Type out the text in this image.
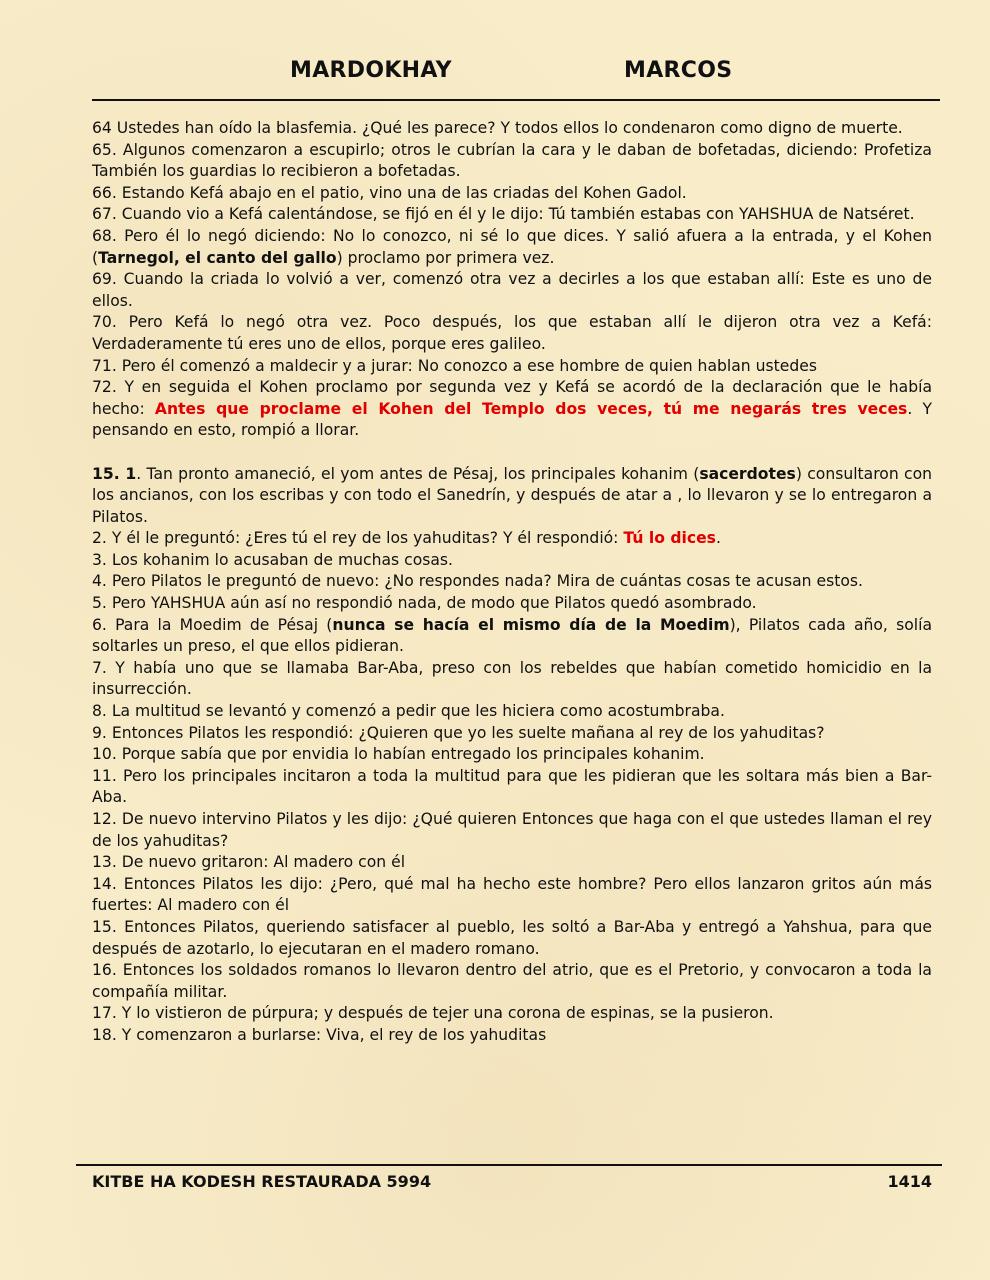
MARDOKHAY	MARCOS

64 Ustedes han oído la blasfemia. ¿Qué les parece? Y todos ellos lo condenaron como digno de muerte.

65. Algunos comenzaron a escupirlo; otros le cubrían la cara y le daban de bofetadas, diciendo: Profetiza También los guardias lo recibieron a bofetadas.

66. Estando Kefá abajo en el patio, vino una de las criadas del Kohen Gadol.

67. Cuando vio a Kefá calentándose, se fijó en él y le dijo: Tú también estabas con YAHSHUA de Natséret.

68. Pero él lo negó diciendo: No lo conozco, ni sé lo que dices. Y salió afuera a la entrada, y el Kohen (Tarnegol, el canto del gallo) proclamo por primera vez.

69. Cuando la criada lo volvió a ver, comenzó otra vez a decirles a los que estaban allí: Este es uno de ellos.

70. Pero Kefá lo negó otra vez. Poco después, los que estaban allí le dijeron otra vez a Kefá: Verdaderamente tú eres uno de ellos, porque eres galileo.

71. Pero él comenzó a maldecir y a jurar: No conozco a ese hombre de quien hablan ustedes

72. Y en seguida el Kohen proclamo por segunda vez y Kefá se acordó de la declaración que le había hecho: Antes que proclame el Kohen del Templo dos veces, tú me negarás tres veces. Y pensando en esto, rompió a llorar.

15. 1. Tan pronto amaneció, el yom antes de Pésaj, los principales kohanim (sacerdotes) consultaron con los ancianos, con los escribas y con todo el Sanedrín, y después de atar a , lo llevaron y se lo entregaron a Pilatos.

2. Y él le preguntó: ¿Eres tú el rey de los yahuditas? Y él respondió: Tú lo dices.

3. Los kohanim lo acusaban de muchas cosas.

4. Pero Pilatos le preguntó de nuevo: ¿No respondes nada? Mira de cuántas cosas te acusan estos.

5. Pero YAHSHUA aún así no respondió nada, de modo que Pilatos quedó asombrado.

6. Para la Moedim de Pésaj (nunca se hacía el mismo día de la Moedim), Pilatos cada año, solía soltarles un preso, el que ellos pidieran.

7. Y había uno que se llamaba Bar-Aba, preso con los rebeldes que habían cometido homicidio en la insurrección.

8. La multitud se levantó y comenzó a pedir que les hiciera como acostumbraba.

9. Entonces Pilatos les respondió: ¿Quieren que yo les suelte mañana al rey de los yahuditas?

10. Porque sabía que por envidia lo habían entregado los principales kohanim.

11. Pero los principales incitaron a toda la multitud para que les pidieran que les soltara más bien a Bar-Aba.

12. De nuevo intervino Pilatos y les dijo: ¿Qué quieren Entonces que haga con el que ustedes llaman el rey de los yahuditas?

13. De nuevo gritaron: Al madero con él

14. Entonces Pilatos les dijo: ¿Pero, qué mal ha hecho este hombre? Pero ellos lanzaron gritos aún más fuertes: Al madero con él

15. Entonces Pilatos, queriendo satisfacer al pueblo, les soltó a Bar-Aba y entregó a Yahshua, para que después de azotarlo, lo ejecutaran en el madero romano.

16. Entonces los soldados romanos lo llevaron dentro del atrio, que es el Pretorio, y convocaron a toda la compañía militar.

17. Y lo vistieron de púrpura; y después de tejer una corona de espinas, se la pusieron.

18. Y comenzaron a burlarse: Viva, el rey de los yahuditas

KITBE HA KODESH RESTAURADA 5994	1414
